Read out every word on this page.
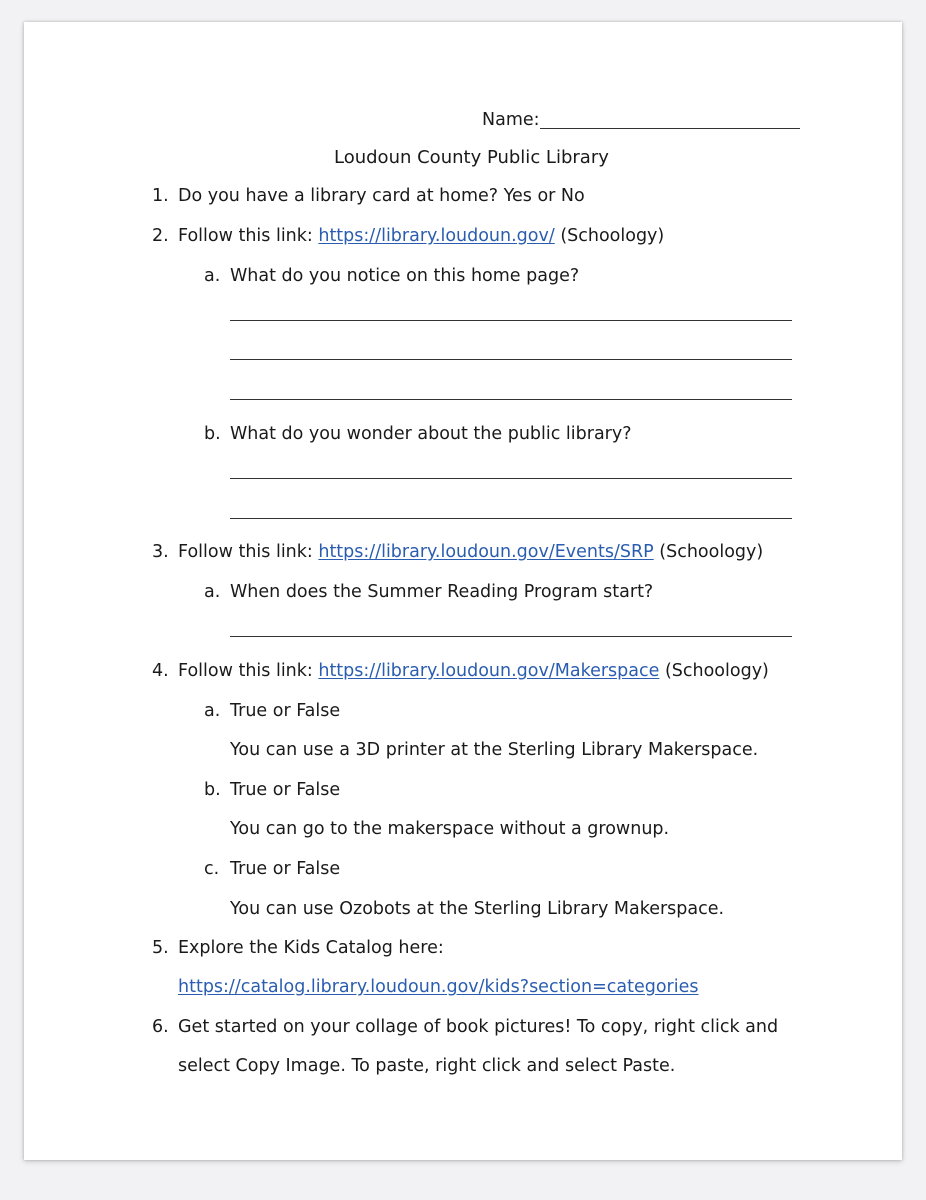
Name:
Loudoun County Public Library
1. Do you have a library card at home? Yes or No
2. Follow this link: https://library.loudoun.gov/ (Schoology)
a. What do you notice on this home page?
b. What do you wonder about the public library?
3. Follow this link: https://library.loudoun.gov/Events/SRP (Schoology)
a. When does the Summer Reading Program start?
4. Follow this link: https://library.loudoun.gov/Makerspace (Schoology)
a. True or False
You can use a 3D printer at the Sterling Library Makerspace.
b. True or False
You can go to the makerspace without a grownup.
c. True or False
You can use Ozobots at the Sterling Library Makerspace.
5. Explore the Kids Catalog here:
https://catalog.library.loudoun.gov/kids?section=categories
6. Get started on your collage of book pictures! To copy, right click and
select Copy Image. To paste, right click and select Paste.
